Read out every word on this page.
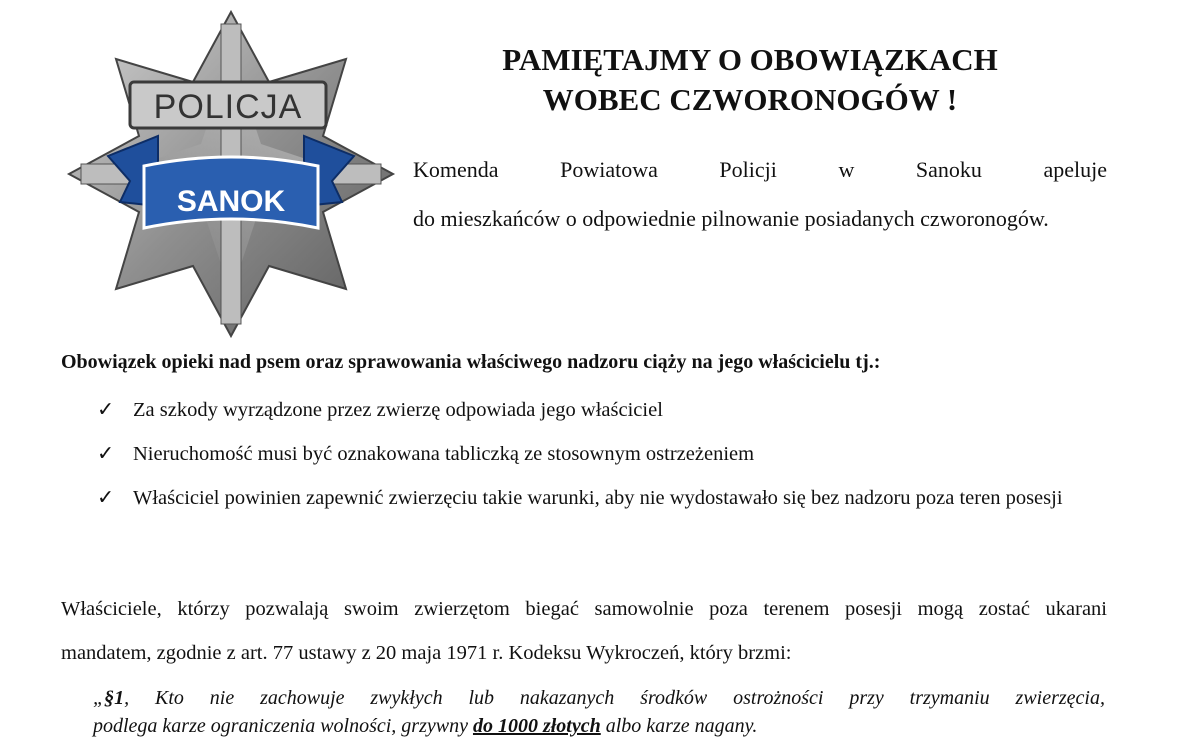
POLICJA
SANOK
PAMIĘTAJMY O OBOWIĄZKACH
WOBEC CZWORONOGÓW !
Komenda Powiatowa Policji w Sanoku apeluje
do mieszkańców o odpowiednie pilnowanie posiadanych czworonogów.
Obowiązek opieki nad psem oraz sprawowania właściwego nadzoru ciąży na jego właścicielu tj.:
✓ Za szkody wyrządzone przez zwierzę odpowiada jego właściciel
✓ Nieruchomość musi być oznakowana tabliczką ze stosownym ostrzeżeniem
✓ Właściciel powinien zapewnić zwierzęciu takie warunki, aby nie wydostawało się bez nadzoru poza teren posesji
Właściciele, którzy pozwalają swoim zwierzętom biegać samowolnie poza terenem posesji mogą zostać ukarani
mandatem, zgodnie z art. 77 ustawy z 20 maja 1971 r. Kodeksu Wykroczeń, który brzmi:
„§1, Kto nie zachowuje zwykłych lub nakazanych środków ostrożności przy trzymaniu zwierzęcia,
podlega karze ograniczenia wolności, grzywny do 1000 złotych albo karze nagany.
